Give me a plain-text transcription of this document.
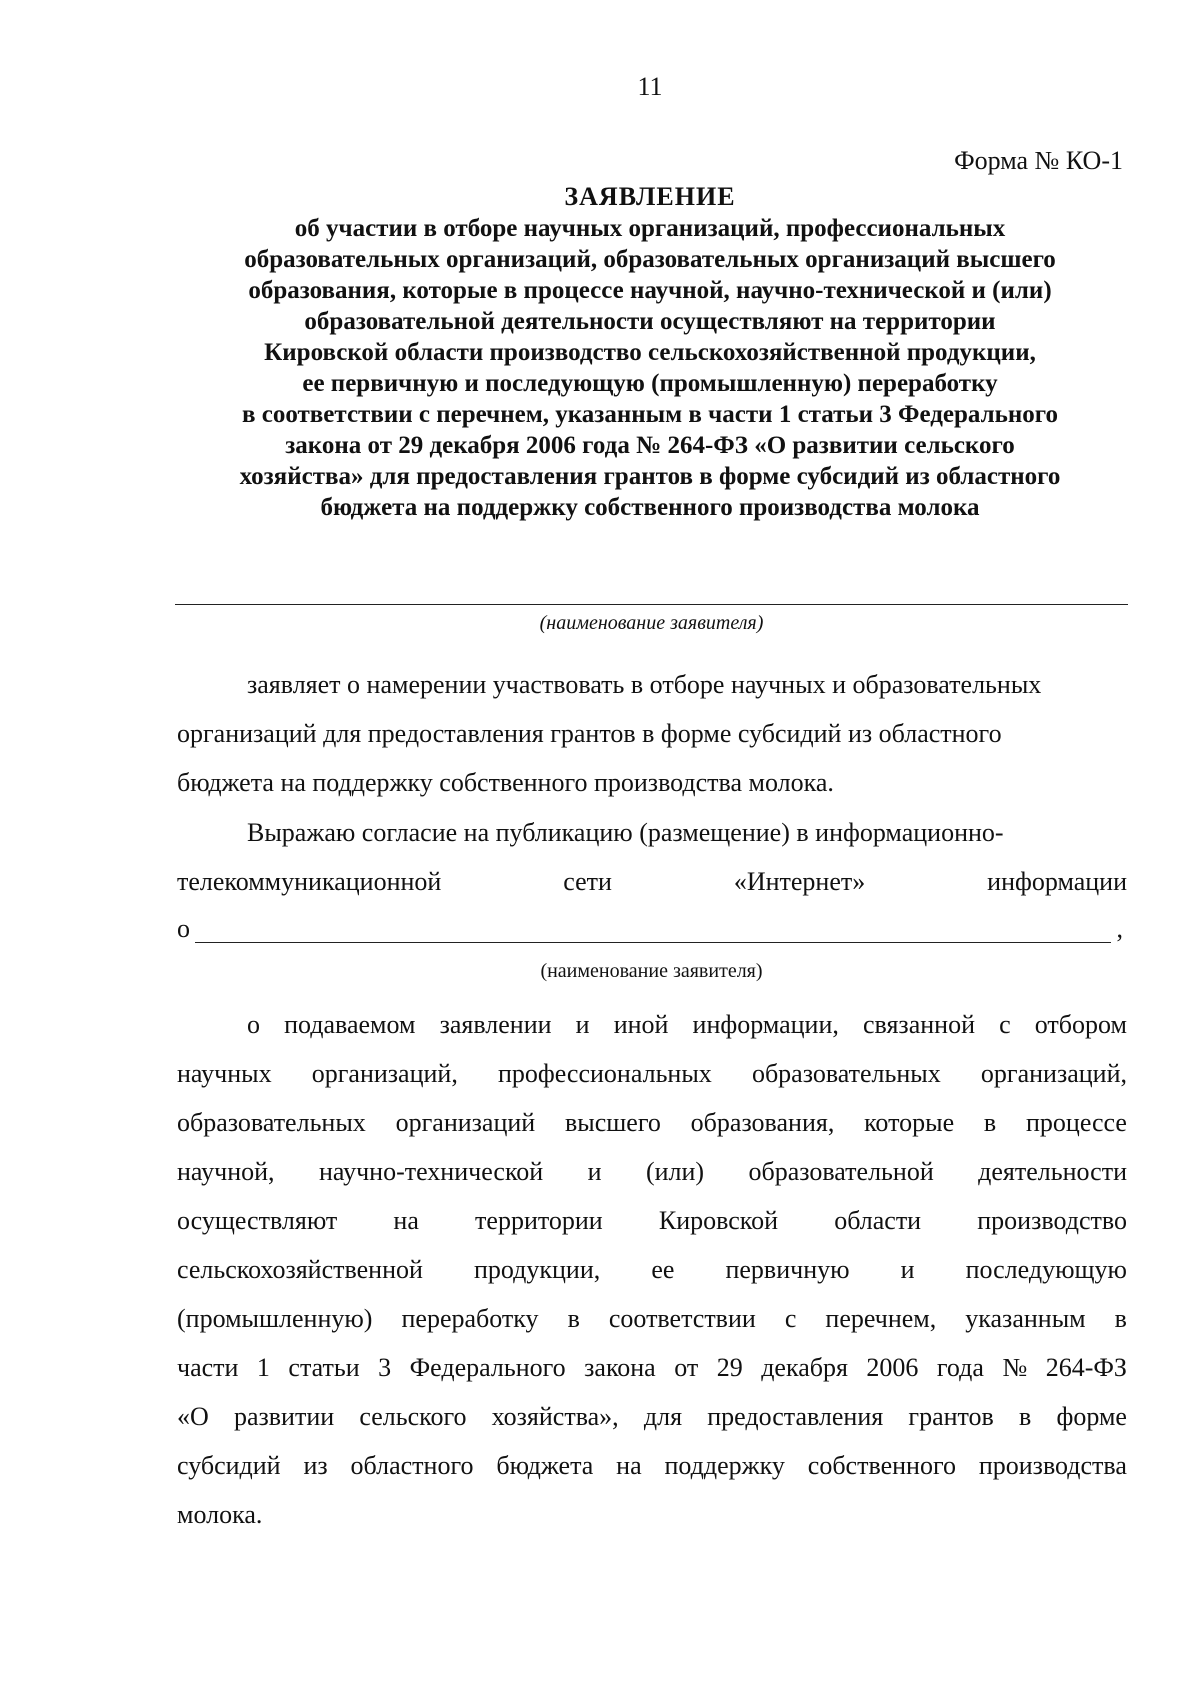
11
Форма № КО-1
ЗАЯВЛЕНИЕ
об участии в отборе научных организаций, профессиональных
образовательных организаций, образовательных организаций высшего
образования, которые в процессе научной, научно-технической и (или)
образовательной деятельности осуществляют на территории
Кировской области производство сельскохозяйственной продукции,
ее первичную и последующую (промышленную) переработку
в соответствии с перечнем, указанным в части 1 статьи 3 Федерального
закона от 29 декабря 2006 года № 264-ФЗ «О развитии сельского
хозяйства» для предоставления грантов в форме субсидий из областного
бюджета на поддержку собственного производства молока
(наименование заявителя)
заявляет о намерении участвовать в отборе научных и образовательных
организаций для предоставления грантов в форме субсидий из областного
бюджета на поддержку собственного производства молока.
Выражаю согласие на публикацию (размещение) в информационно-
телекоммуникационной	сети	«Интернет»	информации
о	,
(наименование заявителя)
о подаваемом заявлении и иной информации, связанной с отбором
научных организаций, профессиональных образовательных организаций,
образовательных организаций высшего образования, которые в процессе
научной, научно-технической и (или) образовательной деятельности
осуществляют на территории Кировской области производство
сельскохозяйственной продукции, ее первичную и последующую
(промышленную) переработку в соответствии с перечнем, указанным в
части 1 статьи 3 Федерального закона от 29 декабря 2006 года № 264-ФЗ
«О развитии сельского хозяйства», для предоставления грантов в форме
субсидий из областного бюджета на поддержку собственного производства
молока.
